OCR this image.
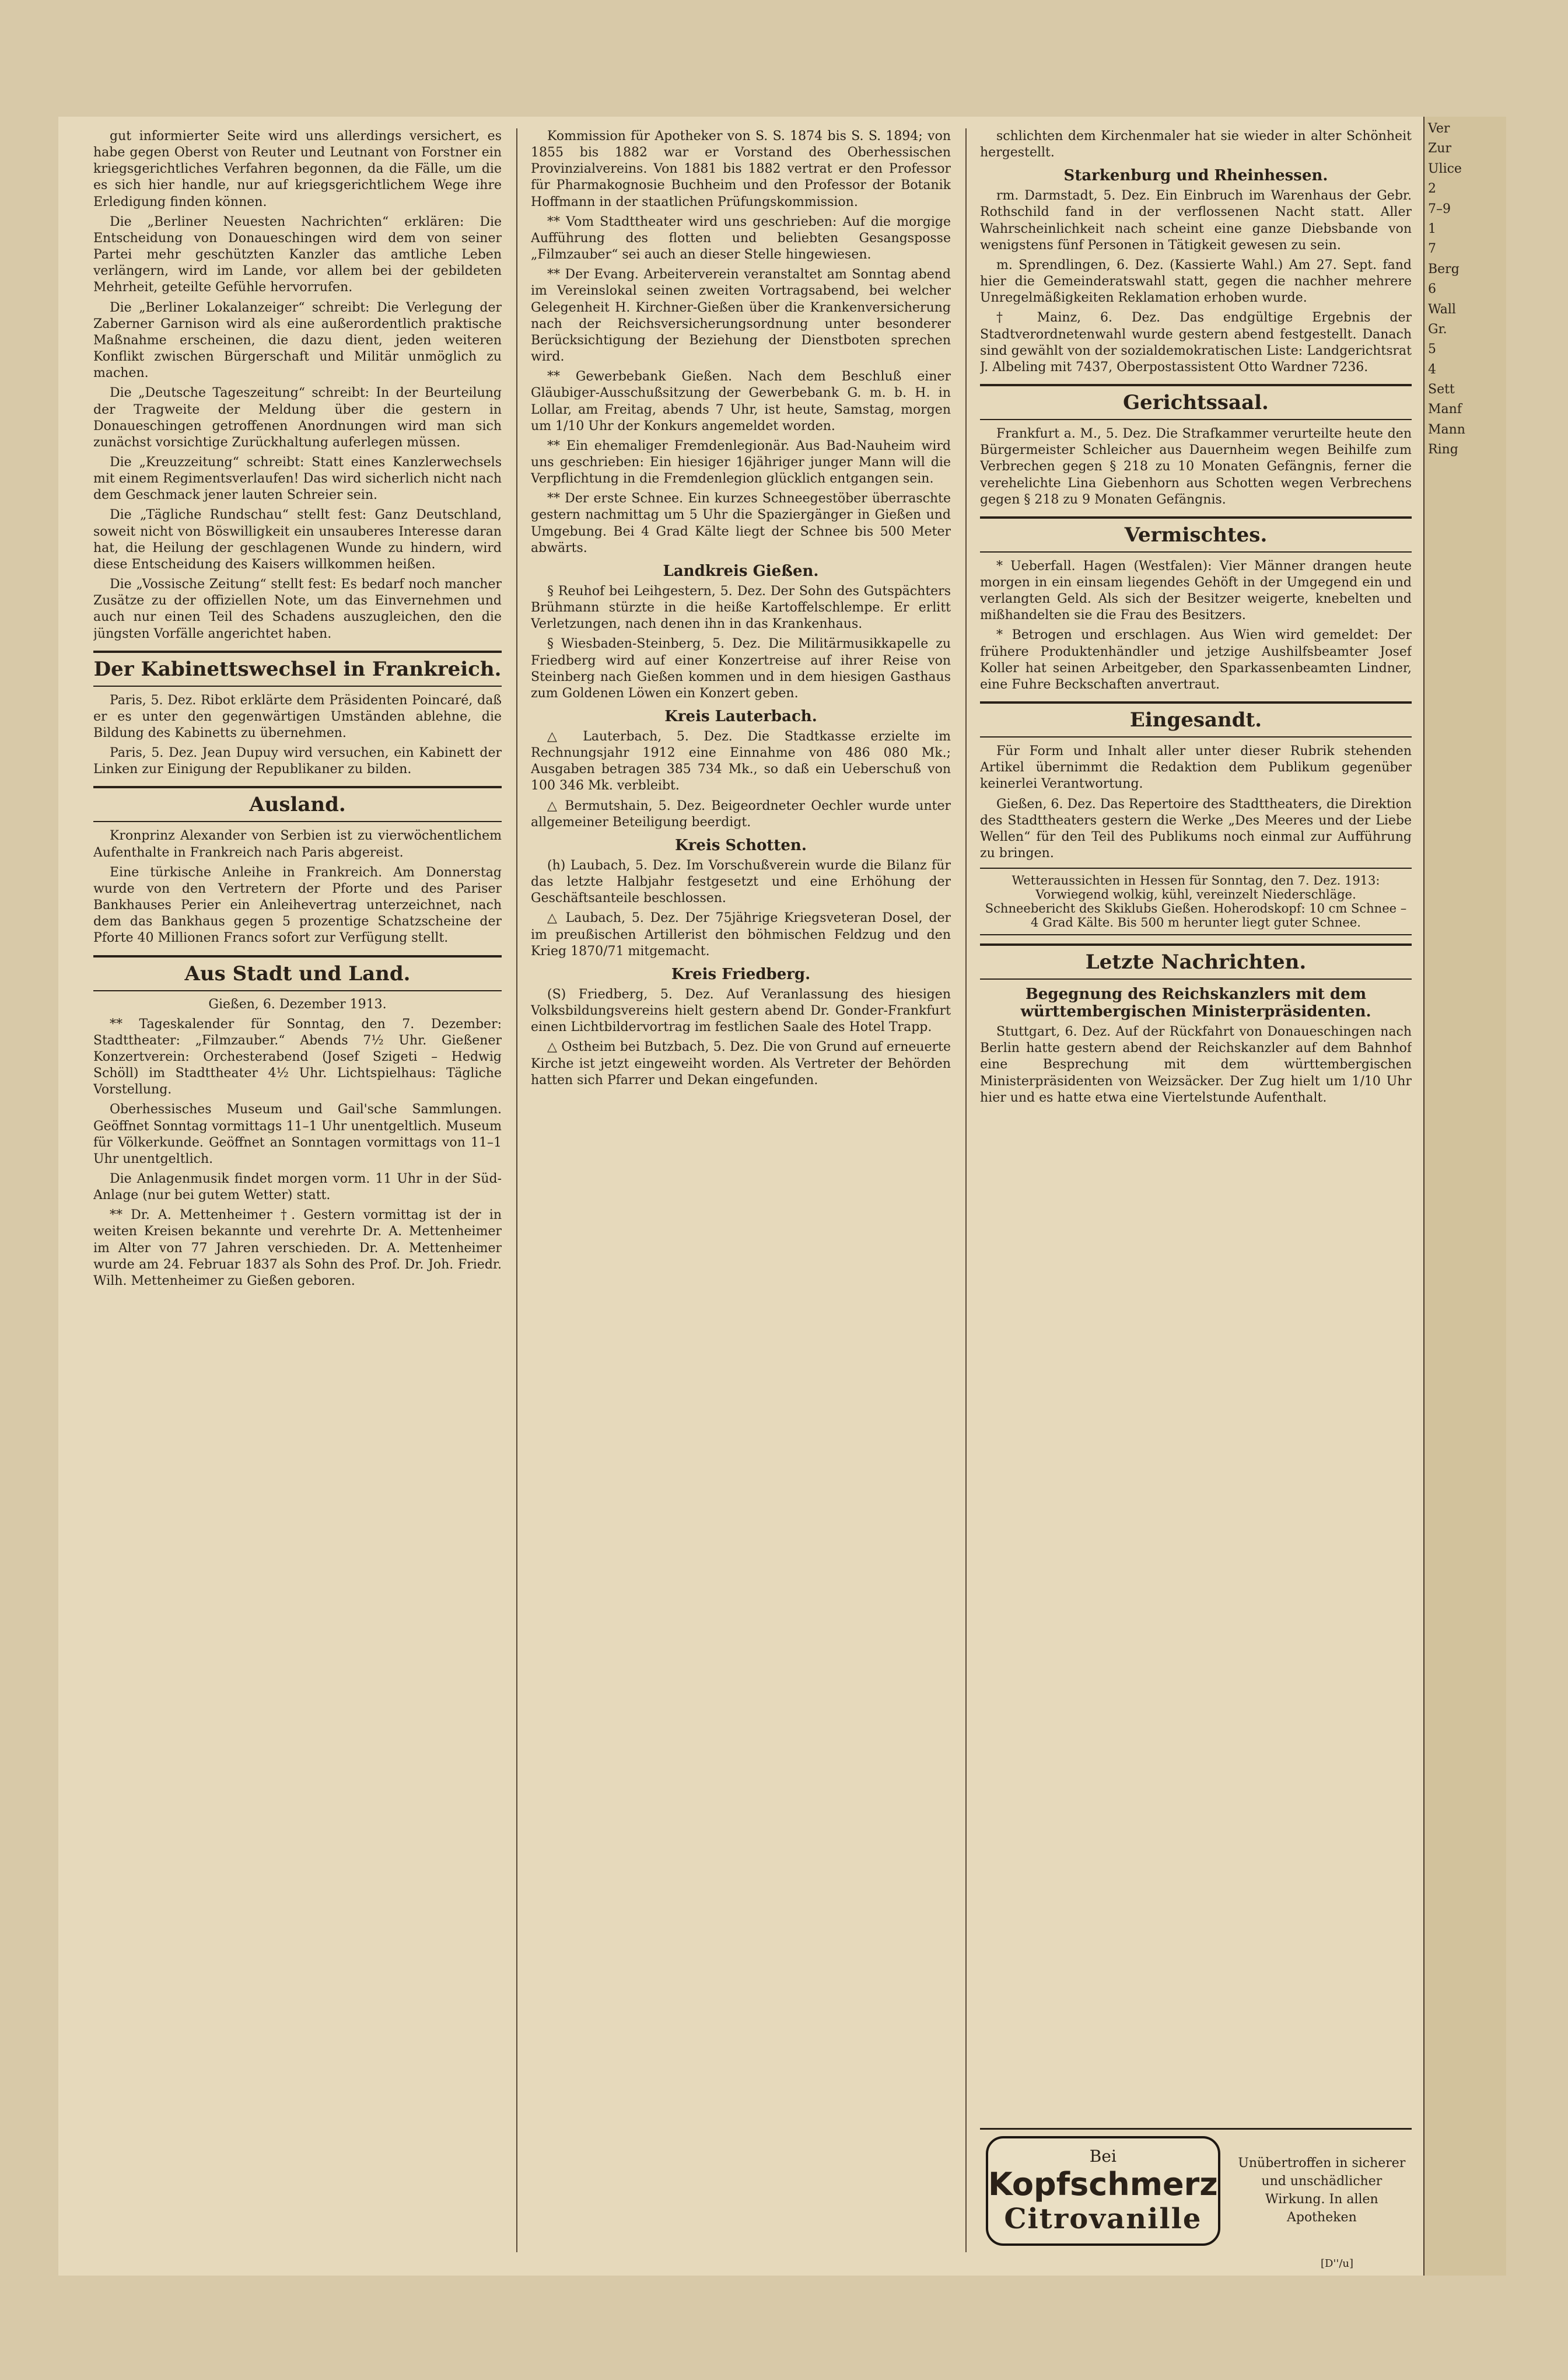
gut informierter Seite wird uns allerdings versichert, es habe gegen Oberst von Reuter und Leutnant von Forstner ein kriegsgerichtliches Verfahren begonnen, da die Fälle, um die es sich hier handle, nur auf kriegsgerichtlichem Wege ihre Erledigung finden können.

Die „Berliner Neuesten Nachrichten“ erklären: Die Entscheidung von Donaueschingen wird dem von seiner Partei mehr geschützten Kanzler das amtliche Leben verlängern, wird im Lande, vor allem bei der gebildeten Mehrheit, geteilte Gefühle hervorrufen.

Die „Berliner Lokalanzeiger“ schreibt: Die Verlegung der Zaberner Garnison wird als eine außerordentlich praktische Maßnahme erscheinen, die dazu dient, jeden weiteren Konflikt zwischen Bürgerschaft und Militär unmöglich zu machen.

Die „Deutsche Tageszeitung“ schreibt: In der Beurteilung der Tragweite der Meldung über die gestern in Donaueschingen getroffenen Anordnungen wird man sich zunächst vorsichtige Zurückhaltung auferlegen müssen.

Die „Kreuzzeitung“ schreibt: Statt eines Kanzlerwechsels mit einem Regimentsverlaufen! Das wird sicherlich nicht nach dem Geschmack jener lauten Schreier sein.

Die „Tägliche Rundschau“ stellt fest: Ganz Deutschland, soweit nicht von Böswilligkeit ein unsauberes Interesse daran hat, die Heilung der geschlagenen Wunde zu hindern, wird diese Entscheidung des Kaisers willkommen heißen.

Die „Vossische Zeitung“ stellt fest: Es bedarf noch mancher Zusätze zu der offiziellen Note, um das Einvernehmen und auch nur einen Teil des Schadens auszugleichen, den die jüngsten Vorfälle angerichtet haben.

Der Kabinettswechsel in Frankreich.

Paris, 5. Dez. Ribot erklärte dem Präsidenten Poincaré, daß er es unter den gegenwärtigen Umständen ablehne, die Bildung des Kabinetts zu übernehmen.

Paris, 5. Dez. Jean Dupuy wird versuchen, ein Kabinett der Linken zur Einigung der Republikaner zu bilden.

Ausland.

Kronprinz Alexander von Serbien ist zu vierwöchentlichem Aufenthalte in Frankreich nach Paris abgereist.

Eine türkische Anleihe in Frankreich. Am Donnerstag wurde von den Vertretern der Pforte und des Pariser Bankhauses Perier ein Anleihevertrag unterzeichnet, nach dem das Bankhaus gegen 5 prozentige Schatzscheine der Pforte 40 Millionen Francs sofort zur Verfügung stellt.

Aus Stadt und Land.
Gießen, 6. Dezember 1913.

** Tageskalender für Sonntag, den 7. Dezember: Stadttheater: „Filmzauber.“ Abends 7½ Uhr. Gießener Konzertverein: Orchesterabend (Josef Szigeti – Hedwig Schöll) im Stadttheater 4½ Uhr. Lichtspielhaus: Tägliche Vorstellung.

Oberhessisches Museum und Gail'sche Sammlungen. Geöffnet Sonntag vormittags 11–1 Uhr unentgeltlich. Museum für Völkerkunde. Geöffnet an Sonntagen vormittags von 11–1 Uhr unentgeltlich.

Die Anlagenmusik findet morgen vorm. 11 Uhr in der Süd-Anlage (nur bei gutem Wetter) statt.

** Dr. A. Mettenheimer †. Gestern vormittag ist der in weiten Kreisen bekannte und verehrte Dr. A. Mettenheimer im Alter von 77 Jahren verschieden. Dr. A. Mettenheimer wurde am 24. Februar 1837 als Sohn des Prof. Dr. Joh. Friedr. Wilh. Mettenheimer zu Gießen geboren.

Kommission für Apotheker von S. S. 1874 bis S. S. 1894; von 1855 bis 1882 war er Vorstand des Oberhessischen Provinzialvereins. Von 1881 bis 1882 vertrat er den Professor für Pharmakognosie Buchheim und den Professor der Botanik Hoffmann in der staatlichen Prüfungskommission.

** Vom Stadttheater wird uns geschrieben: Auf die morgige Aufführung des flotten und beliebten Gesangsposse „Filmzauber“ sei auch an dieser Stelle hingewiesen.

** Der Evang. Arbeiterverein veranstaltet am Sonntag abend im Vereinslokal seinen zweiten Vortragsabend, bei welcher Gelegenheit H. Kirchner-Gießen über die Krankenversicherung nach der Reichsversicherungsordnung unter besonderer Berücksichtigung der Beziehung der Dienstboten sprechen wird.

** Gewerbebank Gießen. Nach dem Beschluß einer Gläubiger-Ausschußsitzung der Gewerbebank G. m. b. H. in Lollar, am Freitag, abends 7 Uhr, ist heute, Samstag, morgen um 1/10 Uhr der Konkurs angemeldet worden.

** Ein ehemaliger Fremdenlegionär. Aus Bad-Nauheim wird uns geschrieben: Ein hiesiger 16jähriger junger Mann will die Verpflichtung in die Fremdenlegion glücklich entgangen sein.

** Der erste Schnee. Ein kurzes Schneegestöber überraschte gestern nachmittag um 5 Uhr die Spaziergänger in Gießen und Umgebung. Bei 4 Grad Kälte liegt der Schnee bis 500 Meter abwärts.

Landkreis Gießen.

§ Reuhof bei Leihgestern, 5. Dez. Der Sohn des Gutspächters Brühmann stürzte in die heiße Kartoffelschlempe. Er erlitt Verletzungen, nach denen ihn in das Krankenhaus.

§ Wiesbaden-Steinberg, 5. Dez. Die Militärmusikkapelle zu Friedberg wird auf einer Konzertreise auf ihrer Reise von Steinberg nach Gießen kommen und in dem hiesigen Gasthaus zum Goldenen Löwen ein Konzert geben.

Kreis Lauterbach.

△ Lauterbach, 5. Dez. Die Stadtkasse erzielte im Rechnungsjahr 1912 eine Einnahme von 486 080 Mk.; Ausgaben betragen 385 734 Mk., so daß ein Ueberschuß von 100 346 Mk. verbleibt.

△ Bermutshain, 5. Dez. Beigeordneter Oechler wurde unter allgemeiner Beteiligung beerdigt.

Kreis Schotten.

(h) Laubach, 5. Dez. Im Vorschußverein wurde die Bilanz für das letzte Halbjahr festgesetzt und eine Erhöhung der Geschäftsanteile beschlossen.

△ Laubach, 5. Dez. Der 75jährige Kriegsveteran Dosel, der im preußischen Artillerist den böhmischen Feldzug und den Krieg 1870/71 mitgemacht.

Kreis Friedberg.

(S) Friedberg, 5. Dez. Auf Veranlassung des hiesigen Volksbildungsvereins hielt gestern abend Dr. Gonder-Frankfurt einen Lichtbildervortrag im festlichen Saale des Hotel Trapp.

△ Ostheim bei Butzbach, 5. Dez. Die von Grund auf erneuerte Kirche ist jetzt eingeweiht worden. Als Vertreter der Behörden hatten sich Pfarrer und Dekan eingefunden.

schlichten dem Kirchenmaler hat sie wieder in alter Schönheit hergestellt.

Starkenburg und Rheinhessen.

rm. Darmstadt, 5. Dez. Ein Einbruch im Warenhaus der Gebr. Rothschild fand in der verflossenen Nacht statt. Aller Wahrscheinlichkeit nach scheint eine ganze Diebsbande von wenigstens fünf Personen in Tätigkeit gewesen zu sein.

m. Sprendlingen, 6. Dez. (Kassierte Wahl.) Am 27. Sept. fand hier die Gemeinderatswahl statt, gegen die nachher mehrere Unregelmäßigkeiten Reklamation erhoben wurde.

† Mainz, 6. Dez. Das endgültige Ergebnis der Stadtverordnetenwahl wurde gestern abend festgestellt. Danach sind gewählt von der sozialdemokratischen Liste: Landgerichtsrat J. Albeling mit 7437, Oberpostassistent Otto Wardner 7236.

Gerichtssaal.

Frankfurt a. M., 5. Dez. Die Strafkammer verurteilte heute den Bürgermeister Schleicher aus Dauernheim wegen Beihilfe zum Verbrechen gegen § 218 zu 10 Monaten Gefängnis, ferner die verehelichte Lina Giebenhorn aus Schotten wegen Verbrechens gegen § 218 zu 9 Monaten Gefängnis.

Vermischtes.

* Ueberfall. Hagen (Westfalen): Vier Männer drangen heute morgen in ein einsam liegendes Gehöft in der Umgegend ein und verlangten Geld. Als sich der Besitzer weigerte, knebelten und mißhandelten sie die Frau des Besitzers.

* Betrogen und erschlagen. Aus Wien wird gemeldet: Der frühere Produktenhändler und jetzige Aushilfsbeamter Josef Koller hat seinen Arbeitgeber, den Sparkassenbeamten Lindner, eine Fuhre Beckschaften anvertraut.

Eingesandt.

Für Form und Inhalt aller unter dieser Rubrik stehenden Artikel übernimmt die Redaktion dem Publikum gegenüber keinerlei Verantwortung.

Gießen, 6. Dez. Das Repertoire des Stadttheaters, die Direktion des Stadttheaters gestern die Werke „Des Meeres und der Liebe Wellen“ für den Teil des Publikums noch einmal zur Aufführung zu bringen.

Wetteraussichten in Hessen für Sonntag, den 7. Dez. 1913: Vorwiegend wolkig, kühl, vereinzelt Niederschläge.
Schneebericht des Skiklubs Gießen. Hoherodskopf: 10 cm Schnee – 4 Grad Kälte. Bis 500 m herunter liegt guter Schnee.
Letzte Nachrichten.
Begegnung des Reichskanzlers mit dem württembergischen Ministerpräsidenten.

Stuttgart, 6. Dez. Auf der Rückfahrt von Donaueschingen nach Berlin hatte gestern abend der Reichskanzler auf dem Bahnhof eine Besprechung mit dem württembergischen Ministerpräsidenten von Weizsäcker. Der Zug hielt um 1/10 Uhr hier und es hatte etwa eine Viertelstunde Aufenthalt.

Bei
Kopfschmerz
Citrovanille
Unübertroffen in sicherer und unschädlicher Wirkung. In allen Apotheken
Ver
Zur
Ulice
2
7–9
1
7
Berg
6
Wall
Gr.
5
4
Sett
Manf
Mann
Ring
[D''/u]
